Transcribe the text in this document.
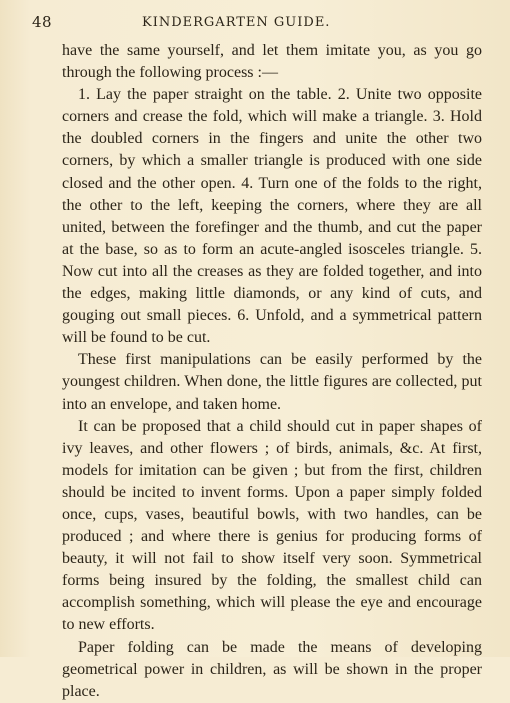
48	KINDERGARTEN GUIDE.

have the same yourself, and let them imitate you, as you go through the following process :—

1. Lay the paper straight on the table. 2. Unite two opposite corners and crease the fold, which will make a triangle. 3. Hold the doubled corners in the fingers and unite the other two corners, by which a smaller triangle is produced with one side closed and the other open. 4. Turn one of the folds to the right, the other to the left, keeping the corners, where they are all united, between the forefinger and the thumb, and cut the paper at the base, so as to form an acute-angled isosceles triangle. 5. Now cut into all the creases as they are folded together, and into the edges, making little diamonds, or any kind of cuts, and gouging out small pieces. 6. Unfold, and a symmetrical pattern will be found to be cut.

These first manipulations can be easily performed by the youngest children. When done, the little figures are collected, put into an envelope, and taken home.

It can be proposed that a child should cut in paper shapes of ivy leaves, and other flowers ; of birds, animals, &c. At first, models for imitation can be given ; but from the first, children should be incited to invent forms. Upon a paper simply folded once, cups, vases, beautiful bowls, with two handles, can be produced ; and where there is genius for producing forms of beauty, it will not fail to show itself very soon. Symmetrical forms being insured by the folding, the smallest child can accomplish something, which will please the eye and encourage to new efforts.

Paper folding can be made the means of developing geometrical power in children, as will be shown in the proper place.
